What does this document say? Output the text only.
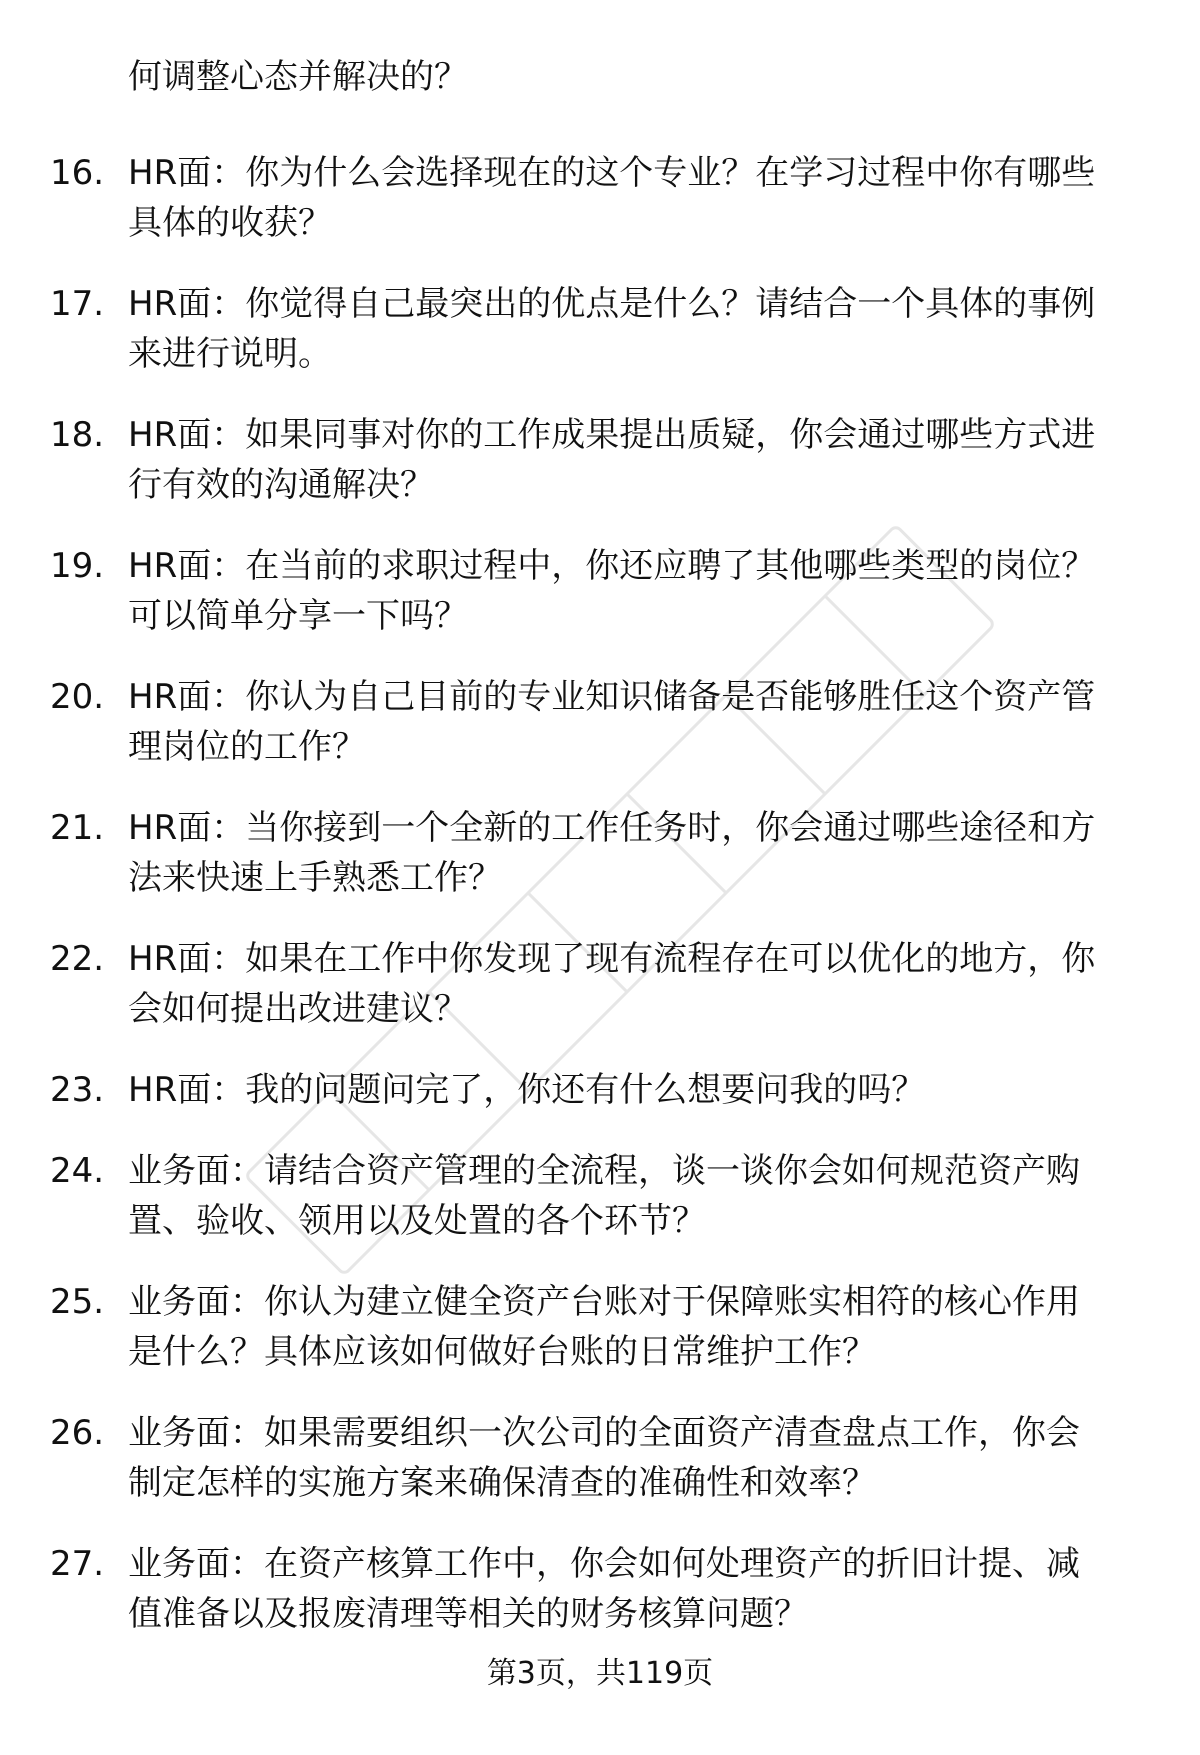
何调整心态并解决的？
16. HR面：你为什么会选择现在的这个专业？在学习过程中你有哪些
具体的收获？

17. HR面：你觉得自己最突出的优点是什么？请结合一个具体的事例
来进行说明。

18. HR面：如果同事对你的工作成果提出质疑，你会通过哪些方式进
行有效的沟通解决？

19. HR面：在当前的求职过程中，你还应聘了其他哪些类型的岗位？
可以简单分享一下吗？

20. HR面：你认为自己目前的专业知识储备是否能够胜任这个资产管
理岗位的工作？

21. HR面：当你接到一个全新的工作任务时，你会通过哪些途径和方
法来快速上手熟悉工作？

22. HR面：如果在工作中你发现了现有流程存在可以优化的地方，你
会如何提出改进建议？

23. HR面：我的问题问完了，你还有什么想要问我的吗？

24. 业务面：请结合资产管理的全流程，谈一谈你会如何规范资产购
置、验收、领用以及处置的各个环节？

25. 业务面：你认为建立健全资产台账对于保障账实相符的核心作用
是什么？具体应该如何做好台账的日常维护工作？

26. 业务面：如果需要组织一次公司的全面资产清查盘点工作，你会
制定怎样的实施方案来确保清查的准确性和效率？

27. 业务面：在资产核算工作中，你会如何处理资产的折旧计提、减
值准备以及报废清理等相关的财务核算问题？

第3页，共119页
